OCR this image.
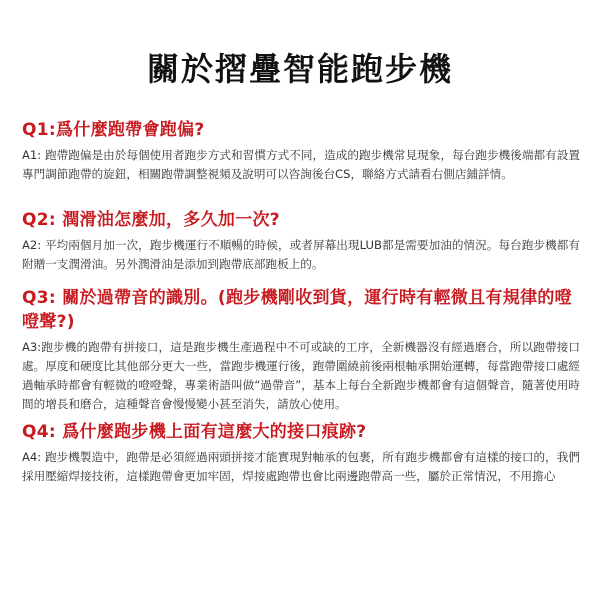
關於摺疊智能跑步機

Q1:爲什麼跑帶會跑偏?

A1: 跑帶跑偏是由於每個使用者跑步方式和習慣方式不同，造成的跑步機常見現象，每台跑步機後端都有設置專門調節跑帶的旋鈕，相關跑帶調整視頻及說明可以咨詢後台CS，聯絡方式請看右側店鋪詳情。

Q2: 潤滑油怎麼加，多久加一次?

A2: 平均兩個月加一次，跑步機運行不順暢的時候，或者屏幕出現LUB都是需要加油的情況。每台跑步機都有附贈一支潤滑油。另外潤滑油是添加到跑帶底部跑板上的。

Q3: 關於過帶音的識別。(跑步機剛收到貨，運行時有輕微且有規律的噔噔聲?)

A3:跑步機的跑帶有拼接口，這是跑步機生產過程中不可或缺的工序，全新機器沒有經過磨合，所以跑帶接口處。厚度和硬度比其他部分更大一些，當跑步機運行後，跑帶圍繞前後兩根軸承開始運轉，每當跑帶接口處經過軸承時都會有輕微的噔噔聲，專業術語叫做“過帶音”，基本上每台全新跑步機都會有這個聲音，隨著使用時間的增長和磨合，這種聲音會慢慢變小甚至消失，請放心使用。

Q4: 爲什麼跑步機上面有這麼大的接口痕跡?

A4: 跑步機製造中，跑帶是必須經過兩頭拼接才能實現對軸承的包裹，所有跑步機都會有這樣的接口的，我們採用壓縮焊接技術，這樣跑帶會更加牢固，焊接處跑帶也會比兩邊跑帶高一些，屬於正常情況，不用擔心
